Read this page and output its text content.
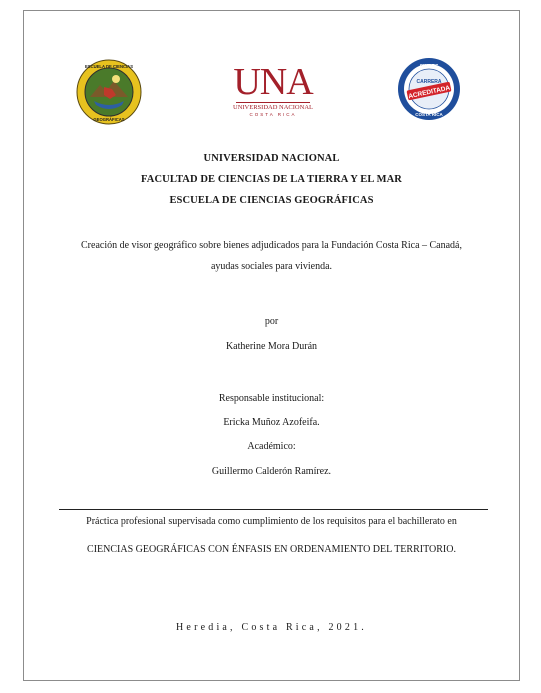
ESCUELA DE CIENCIAS
GEOGRÁFICAS
UNA
UNIVERSIDAD NACIONAL
COSTA RICA
SINAES
CARRERA
ACREDITADA
COSTA RICA
UNIVERSIDAD NACIONAL
FACULTAD DE CIENCIAS DE LA TIERRA Y EL MAR
ESCUELA DE CIENCIAS GEOGRÁFICAS
Creación de visor geográfico sobre bienes adjudicados para la Fundación Costa Rica – Canadá,
ayudas sociales para vivienda.
por
Katherine Mora Durán
Responsable institucional:
Ericka Muñoz Azofeifa.
Académico:
Guillermo Calderón Ramírez.
Práctica profesional supervisada como cumplimiento de los requisitos para el bachillerato en
CIENCIAS GEOGRÁFICAS CON ÉNFASIS EN ORDENAMIENTO DEL TERRITORIO.
Heredia, Costa Rica, 2021.
